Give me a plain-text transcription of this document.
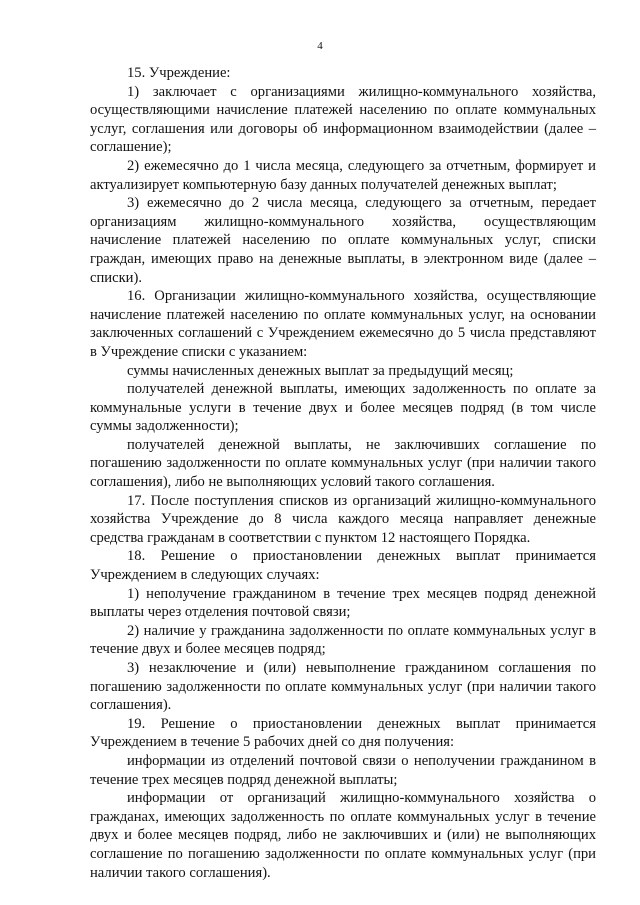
4

15. Учреждение:

1) заключает с организациями жилищно-коммунального хозяйства, осуществляющими начисление платежей населению по оплате коммунальных услуг, соглашения или договоры об информационном взаимодействии (далее – соглашение);

2) ежемесячно до 1 числа месяца, следующего за отчетным, формирует и актуализирует компьютерную базу данных получателей денежных выплат;

3) ежемесячно до 2 числа месяца, следующего за отчетным, передает организациям жилищно-коммунального хозяйства, осуществляющим начисление платежей населению по оплате коммунальных услуг, списки граждан, имеющих право на денежные выплаты, в электронном виде (далее – списки).

16. Организации жилищно-коммунального хозяйства, осуществляющие начисление платежей населению по оплате коммунальных услуг, на основании заключенных соглашений с Учреждением ежемесячно до 5 числа представляют в Учреждение списки с указанием:

суммы начисленных денежных выплат за предыдущий месяц;

получателей денежной выплаты, имеющих задолженность по оплате за коммунальные услуги в течение двух и более месяцев подряд (в том числе суммы задолженности);

получателей денежной выплаты, не заключивших соглашение по погашению задолженности по оплате коммунальных услуг (при наличии такого соглашения), либо не выполняющих условий такого соглашения.

17. После поступления списков из организаций жилищно-коммунального хозяйства Учреждение до 8 числа каждого месяца направляет денежные средства гражданам в соответствии с пунктом 12 настоящего Порядка.

18. Решение о приостановлении денежных выплат принимается Учреждением в следующих случаях:

1) неполучение гражданином в течение трех месяцев подряд денежной выплаты через отделения почтовой связи;

2) наличие у гражданина задолженности по оплате коммунальных услуг в течение двух и более месяцев подряд;

3) незаключение и (или) невыполнение гражданином соглашения по погашению задолженности по оплате коммунальных услуг (при наличии такого соглашения).

19. Решение о приостановлении денежных выплат принимается Учреждением в течение 5 рабочих дней со дня получения:

информации из отделений почтовой связи о неполучении гражданином в течение трех месяцев подряд денежной выплаты;

информации от организаций жилищно-коммунального хозяйства о гражданах, имеющих задолженность по оплате коммунальных услуг в течение двух и более месяцев подряд, либо не заключивших и (или) не выполняющих соглашение по погашению задолженности по оплате коммунальных услуг (при наличии такого соглашения).
